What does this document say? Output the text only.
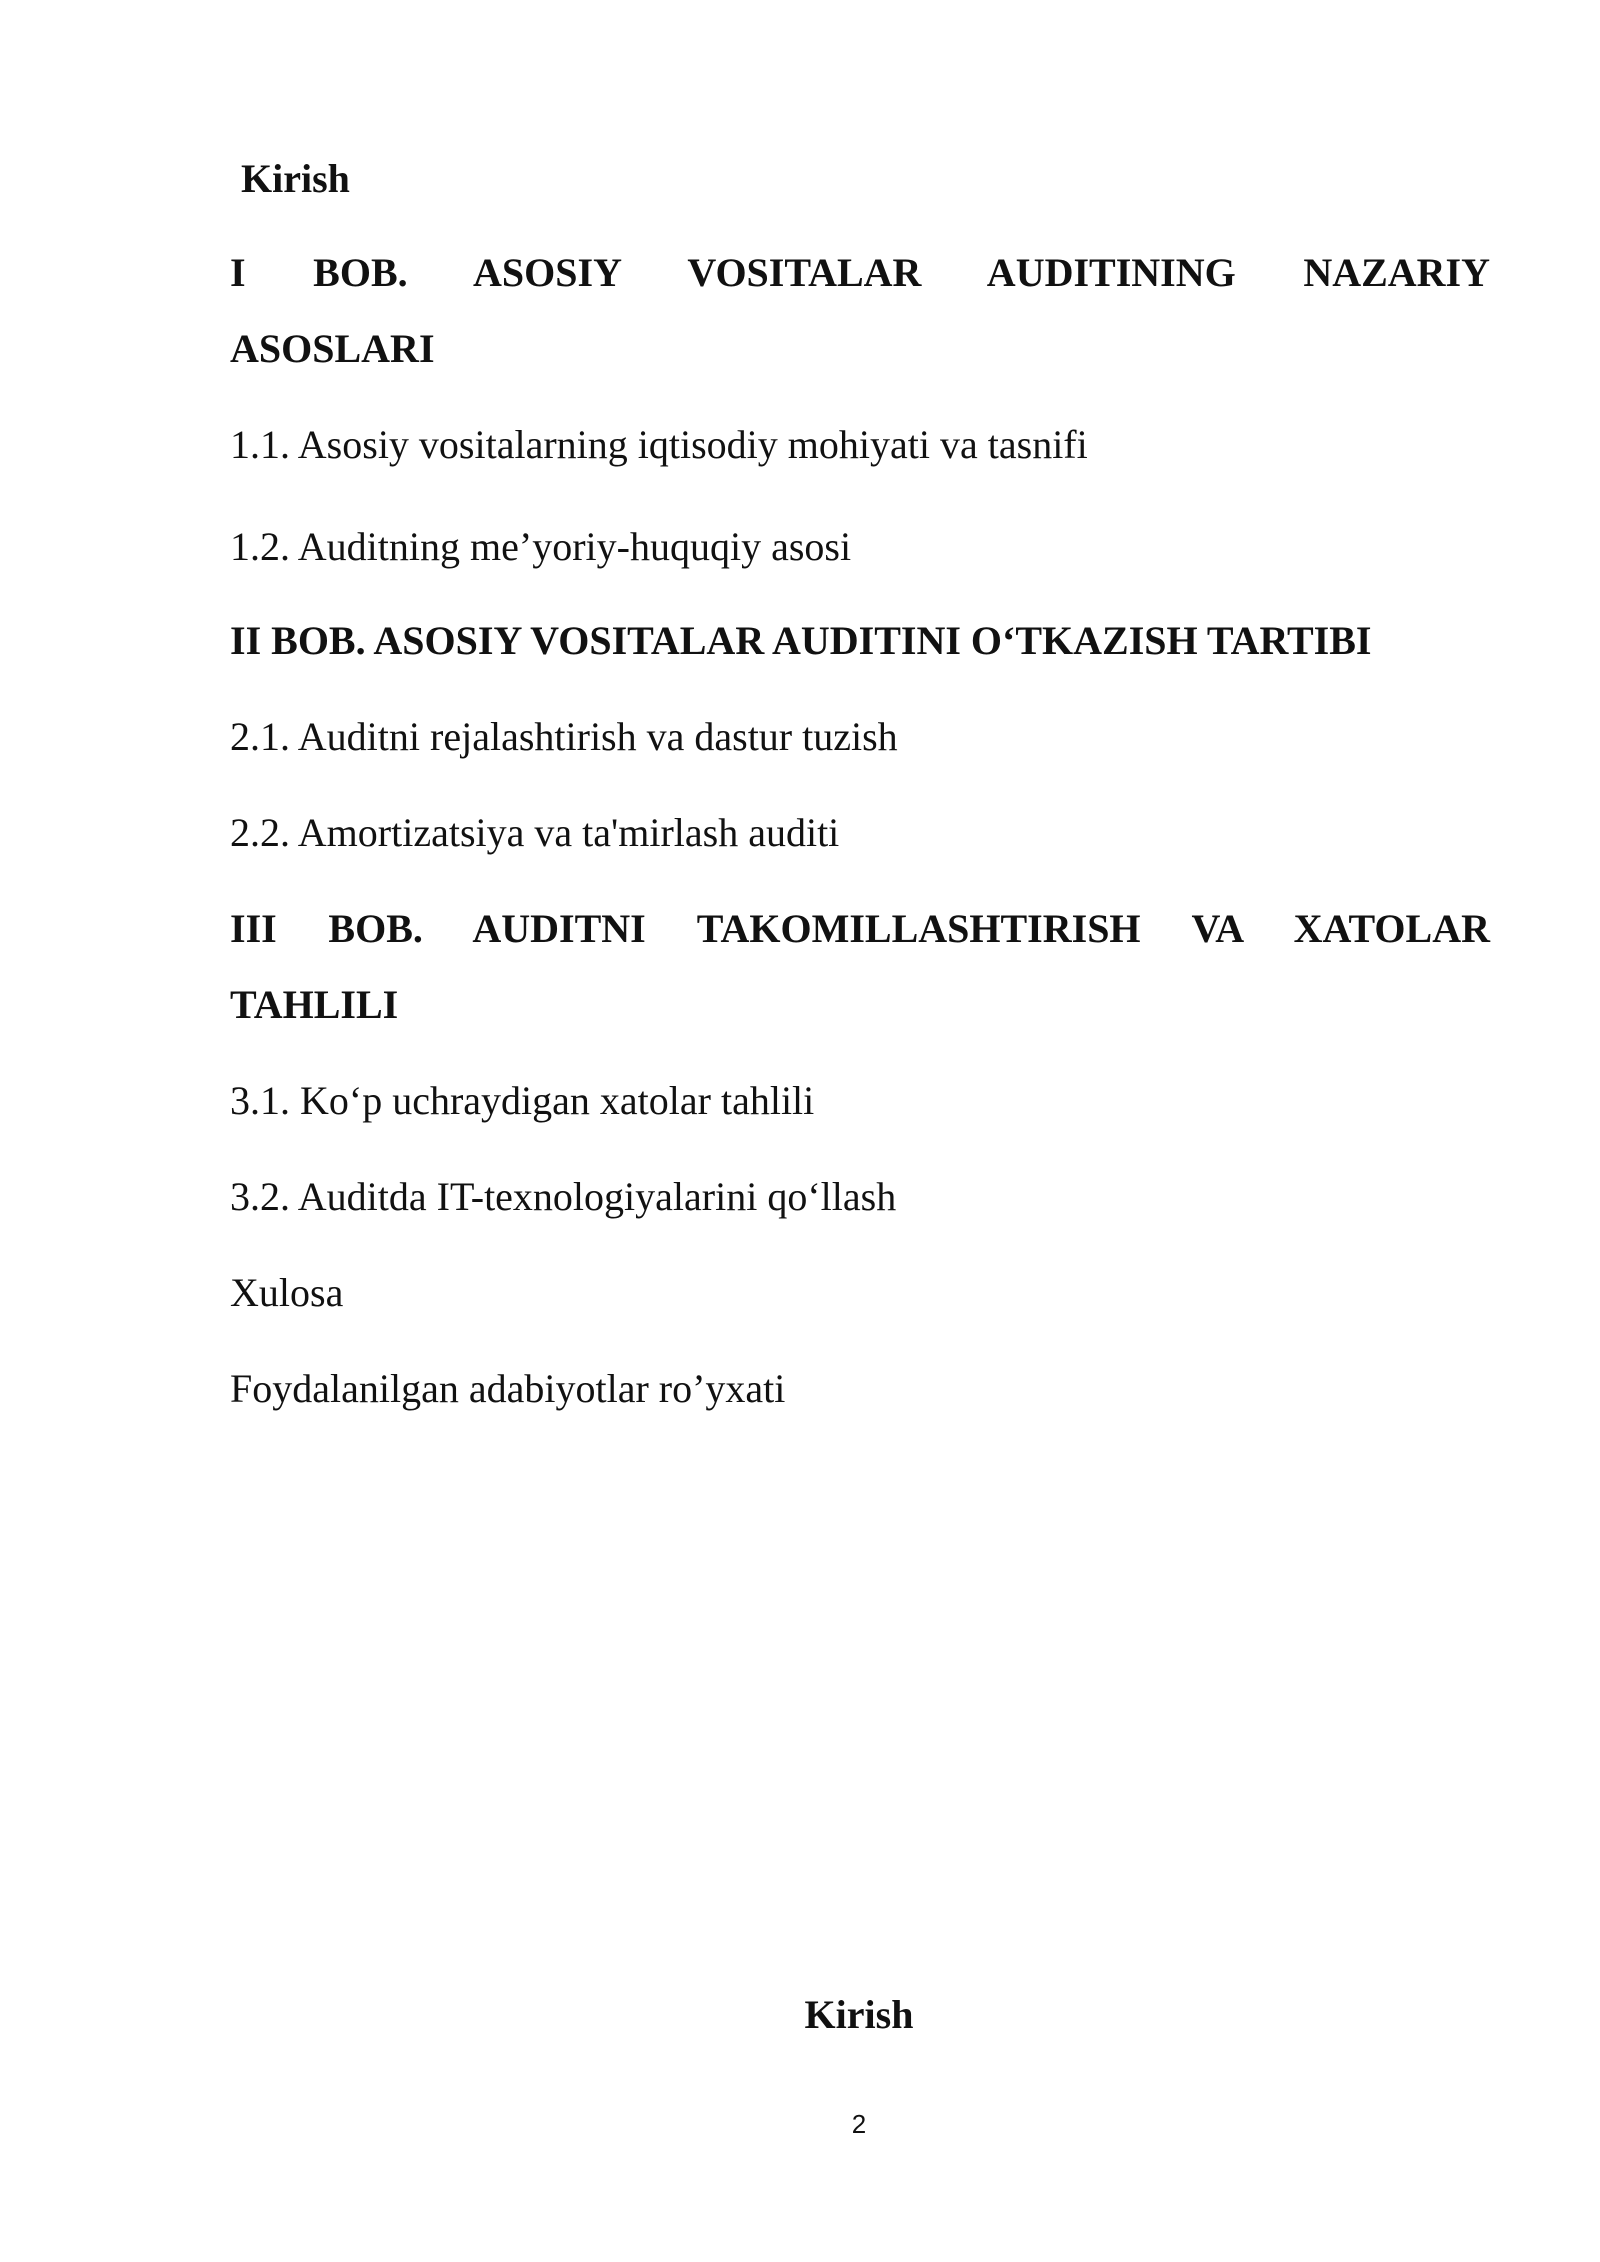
Kirish
I BOB. ASOSIY VOSITALAR AUDITINING NAZARIY
ASOSLARI
1.1. Asosiy vositalarning iqtisodiy mohiyati va tasnifi
1.2. Auditning me’yoriy-huquqiy asosi
II BOB. ASOSIY VOSITALAR AUDITINI O‘TKAZISH TARTIBI
2.1. Auditni rejalashtirish va dastur tuzish
2.2. Amortizatsiya va ta'mirlash auditi
III BOB. AUDITNI TAKOMILLASHTIRISH VA XATOLAR
TAHLILI
3.1. Ko‘p uchraydigan xatolar tahlili
3.2. Auditda IT-texnologiyalarini qo‘llash
Xulosa
Foydalanilgan adabiyotlar ro’yxati
Kirish
2
